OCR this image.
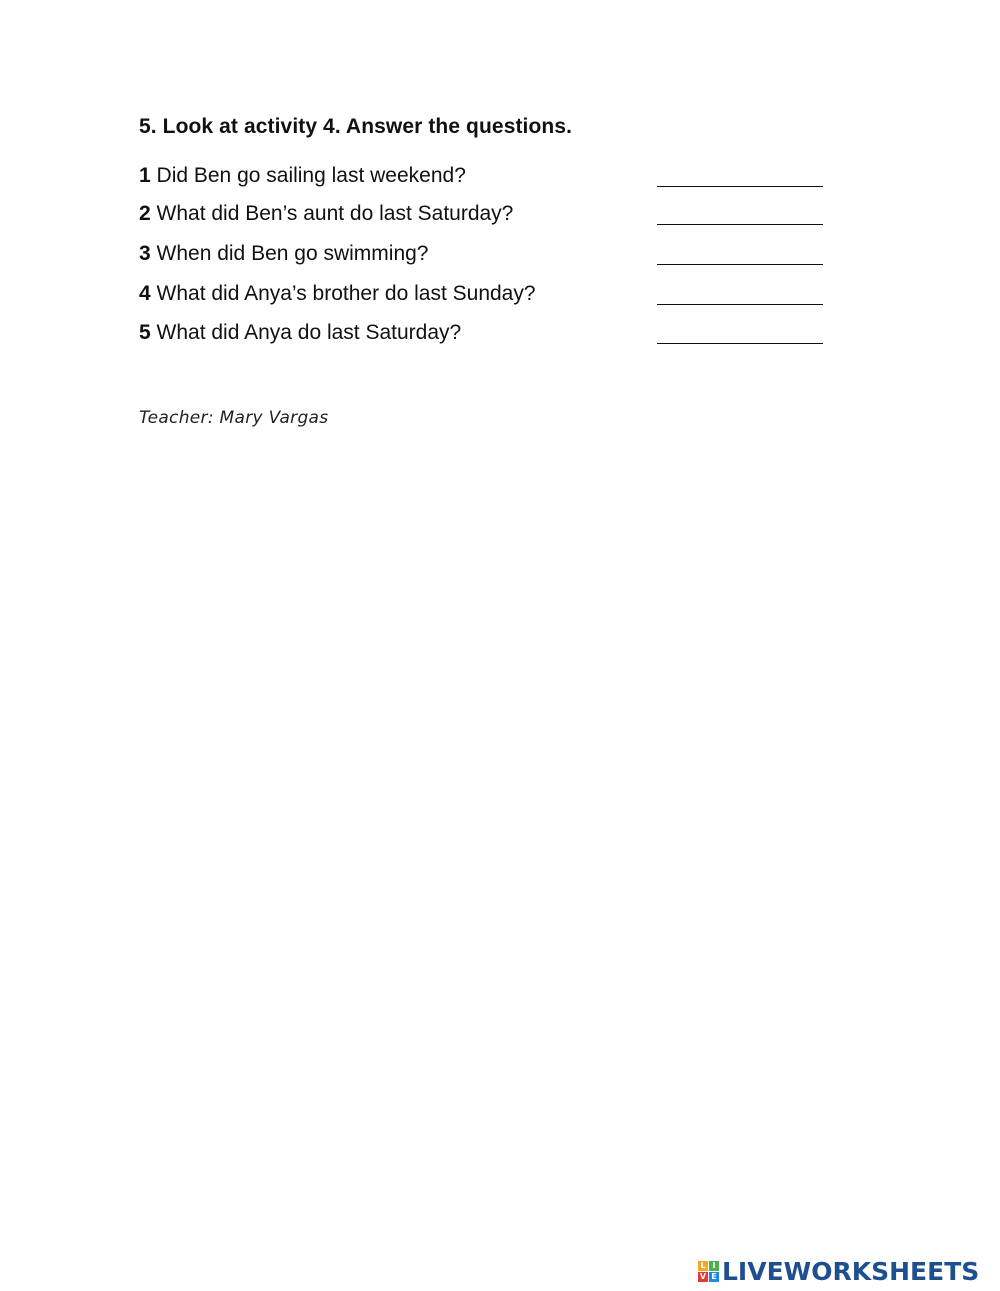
5. Look at activity 4. Answer the questions.
1 Did Ben go sailing last weekend?
2 What did Ben’s aunt do last Saturday?
3 When did Ben go swimming?
4 What did Anya’s brother do last Sunday?
5 What did Anya do last Saturday?
Teacher: Mary Vargas
L I
V E LIVEWORKSHEETS
